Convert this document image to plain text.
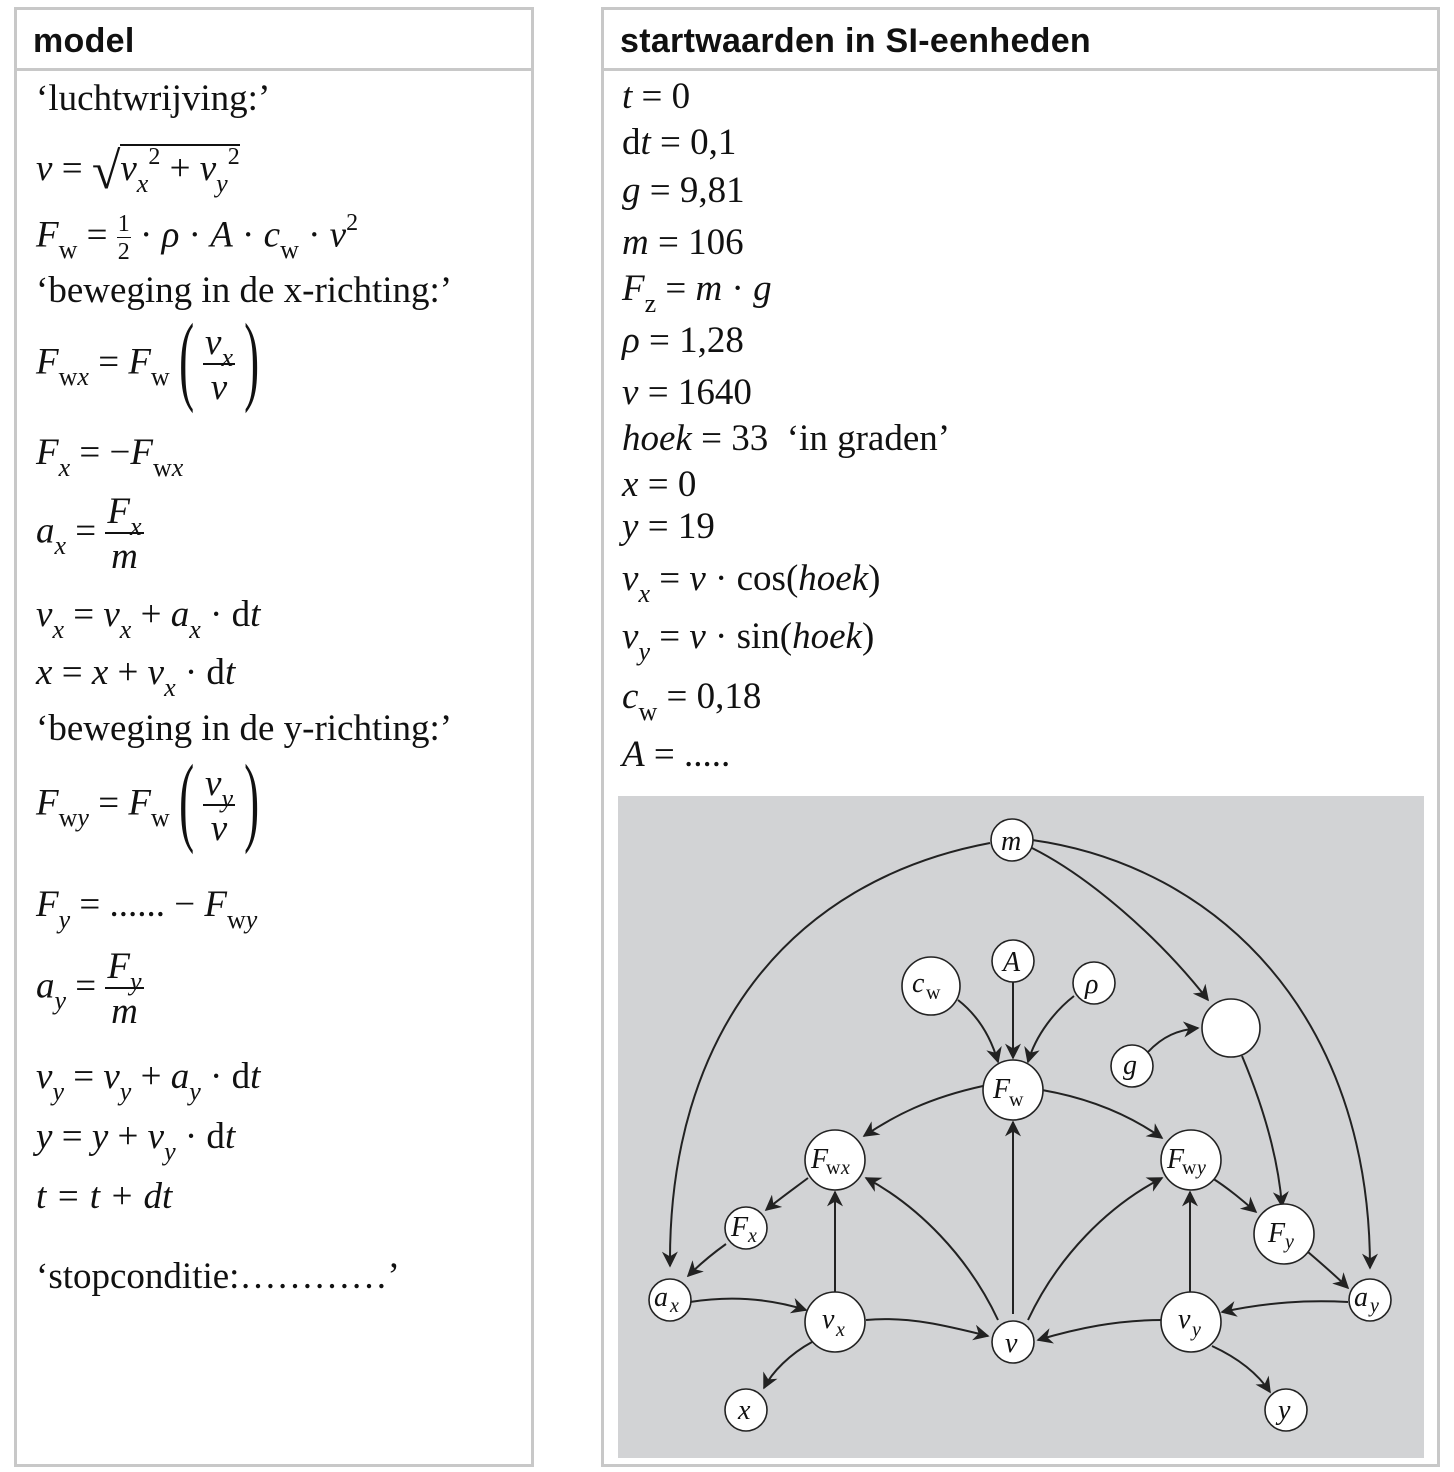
model
‘luchtwrijving:’
$v = √v_x^2 + v_y^2$
$F_w = \frac{1}{2} \cdot \rho \cdot A \cdot c_w \cdot v^2$
‘beweging in de x-richting:’
$F_{wx} = F_w( \frac{v_x}{v}$ )
$F_x = -F_{wx}$
$a_x = \frac{F_x}{m}$
$v_x = v_x + a_x$ · dt
$x = x + v_x$ · dt
‘beweging in de y-richting:’
$F_{wy} = F_w( \frac{v_y}{v}$ )
$F_y$ = ...... − $F_{wy}$
$a_y = \frac{F_y}{m}$
$v_y = v_y + a_y$ · dt
$y = y + v_y$ · dt
t = t + dt
‘stopconditie:…………’
startwaarden in SI-eenheden
t = 0
dt = 0,1
g = 9,81
m = 106
$F_z = m \cdot g$
ρ = 1,28
v = 1640
hoek = 33 ‘in graden’
x = 0
y = 19
$v_x = v$ · cos(hoek)
$v_y = v$ · sin(hoek)
$c_w = 0,18$
A = .....
m
c w
A
ρ
g
F
w
F
w x	F
w y
F x	F y
a x	a y
v x	v y
v
x	y
